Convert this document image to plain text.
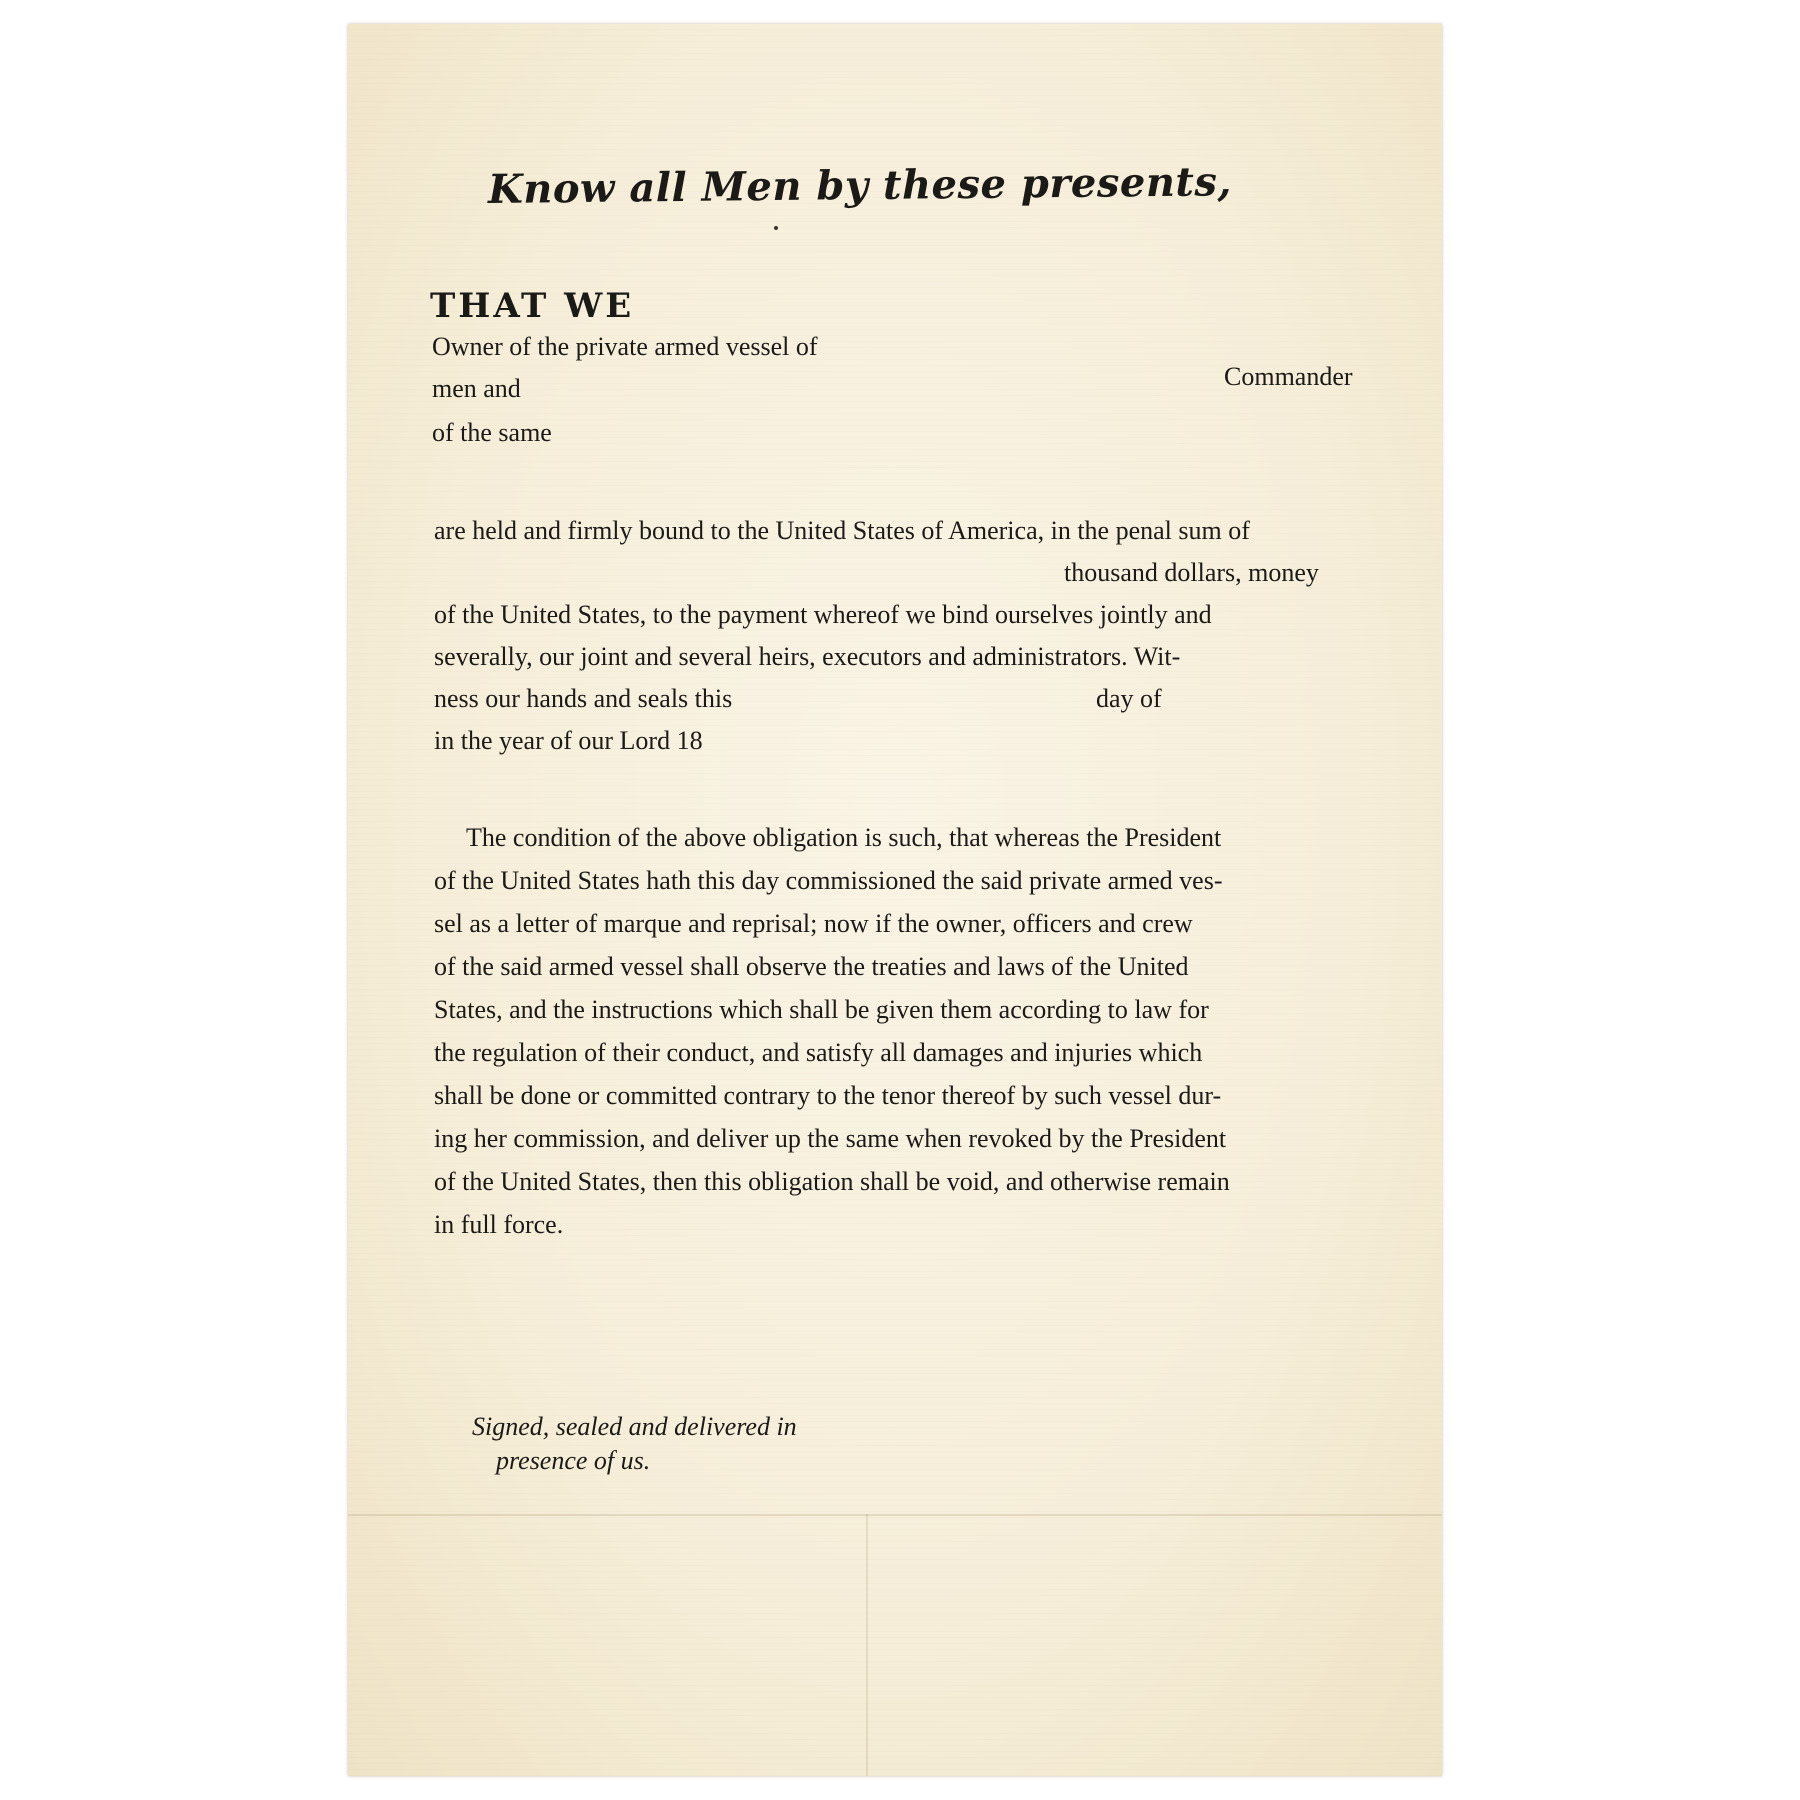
Know all Men by these presents,
THAT WE
Owner of the private armed vessel of
men and	Commander
of the same
are held and firmly bound to the United States of America, in the penal sum of
thousand dollars, money
of the United States, to the payment whereof we bind ourselves jointly and
severally, our joint and several heirs, executors and administrators. Wit-
ness our hands and seals this	day of
in the year of our Lord 18
The condition of the above obligation is such, that whereas the President
of the United States hath this day commissioned the said private armed ves-
sel as a letter of marque and reprisal; now if the owner, officers and crew
of the said armed vessel shall observe the treaties and laws of the United
States, and the instructions which shall be given them according to law for
the regulation of their conduct, and satisfy all damages and injuries which
shall be done or committed contrary to the tenor thereof by such vessel dur-
ing her commission, and deliver up the same when revoked by the President
of the United States, then this obligation shall be void, and otherwise remain
in full force.
Signed, sealed and delivered in
presence of us.
